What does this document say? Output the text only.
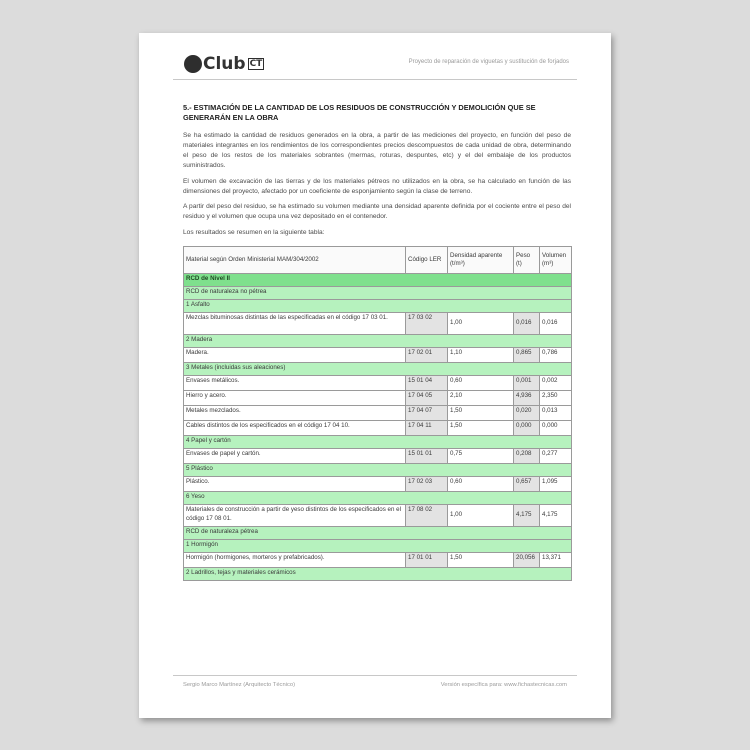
Club CT	Proyecto de reparación de viguetas y sustitución de forjados
5.- ESTIMACIÓN DE LA CANTIDAD DE LOS RESIDUOS DE CONSTRUCCIÓN Y DEMOLICIÓN QUE SE GENERARÁN EN LA OBRA

Se ha estimado la cantidad de residuos generados en la obra, a partir de las mediciones del proyecto, en función del peso de materiales integrantes en los rendimientos de los correspondientes precios descompuestos de cada unidad de obra, determinando el peso de los restos de los materiales sobrantes (mermas, roturas, despuntes, etc) y el del embalaje de los productos suministrados.

El volumen de excavación de las tierras y de los materiales pétreos no utilizados en la obra, se ha calculado en función de las dimensiones del proyecto, afectado por un coeficiente de esponjamiento según la clase de terreno.

A partir del peso del residuo, se ha estimado su volumen mediante una densidad aparente definida por el cociente entre el peso del residuo y el volumen que ocupa una vez depositado en el contenedor.

Los resultados se resumen en la siguiente tabla:

Material según Orden Ministerial MAM/304/2002	Código LER	Densidad aparente (t/m³)	Peso (t)	Volumen (m³)
RCD de Nivel II				
RCD de naturaleza no pétrea				
1 Asfalto				
Mezclas bituminosas distintas de las especificadas en el código 17 03 01.	17 03 02	1,00	0,016	0,016
2 Madera				
Madera.	17 02 01	1,10	0,865	0,786
3 Metales (incluidas sus aleaciones)				
Envases metálicos.	15 01 04	0,60	0,001	0,002
Hierro y acero.	17 04 05	2,10	4,936	2,350
Metales mezclados.	17 04 07	1,50	0,020	0,013
Cables distintos de los especificados en el código 17 04 10.	17 04 11	1,50	0,000	0,000
4 Papel y cartón				
Envases de papel y cartón.	15 01 01	0,75	0,208	0,277
5 Plástico				
Plástico.	17 02 03	0,60	0,657	1,095
6 Yeso				
Materiales de construcción a partir de yeso distintos de los especificados en el código 17 08 01.	17 08 02	1,00	4,175	4,175
RCD de naturaleza pétrea				
1 Hormigón				
Hormigón (hormigones, morteros y prefabricados).	17 01 01	1,50	20,056	13,371
2 Ladrillos, tejas y materiales cerámicos				
Sergio Marco Martínez (Arquitecto Técnico)	Versión específica para: www.fichastecnicas.com
